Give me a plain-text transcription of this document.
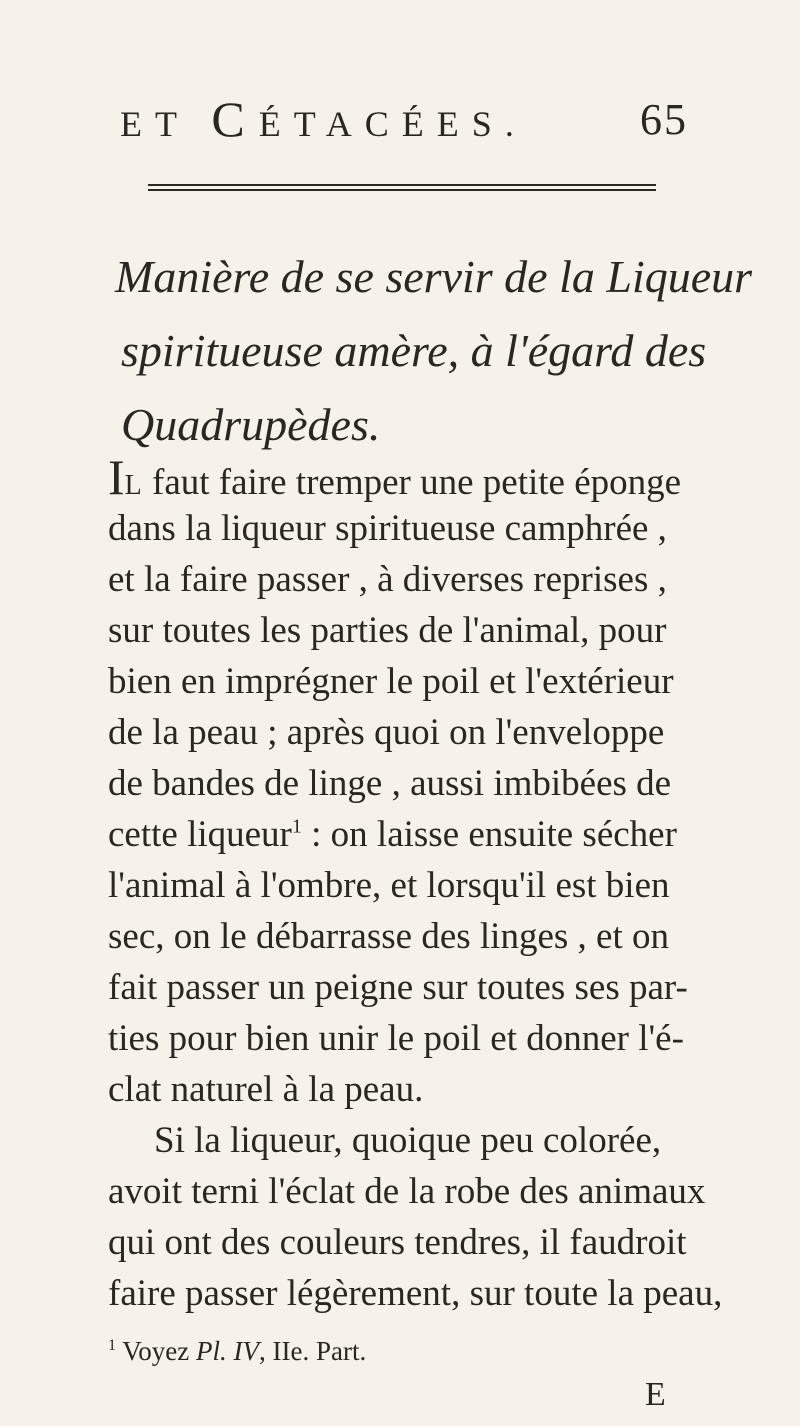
ET CÉTACÉES.	65
Manière de se servir de la Liqueur
spiritueuse amère, à l'égard des
Quadrupèdes.
IL faut faire tremper une petite éponge
dans la liqueur spiritueuse camphrée ,
et la faire passer , à diverses reprises ,
sur toutes les parties de l'animal, pour
bien en imprégner le poil et l'extérieur
de la peau ; après quoi on l'enveloppe
de bandes de linge , aussi imbibées de
cette liqueur$^1$ : on laisse ensuite sécher
l'animal à l'ombre, et lorsqu'il est bien
sec, on le débarrasse des linges , et on
fait passer un peigne sur toutes ses par-
ties pour bien unir le poil et donner l'é-
clat naturel à la peau.
Si la liqueur, quoique peu colorée,
avoit terni l'éclat de la robe des animaux
qui ont des couleurs tendres, il faudroit
faire passer légèrement, sur toute la peau,
$^1$ Voyez Pl. IV, IIe. Part.
E
